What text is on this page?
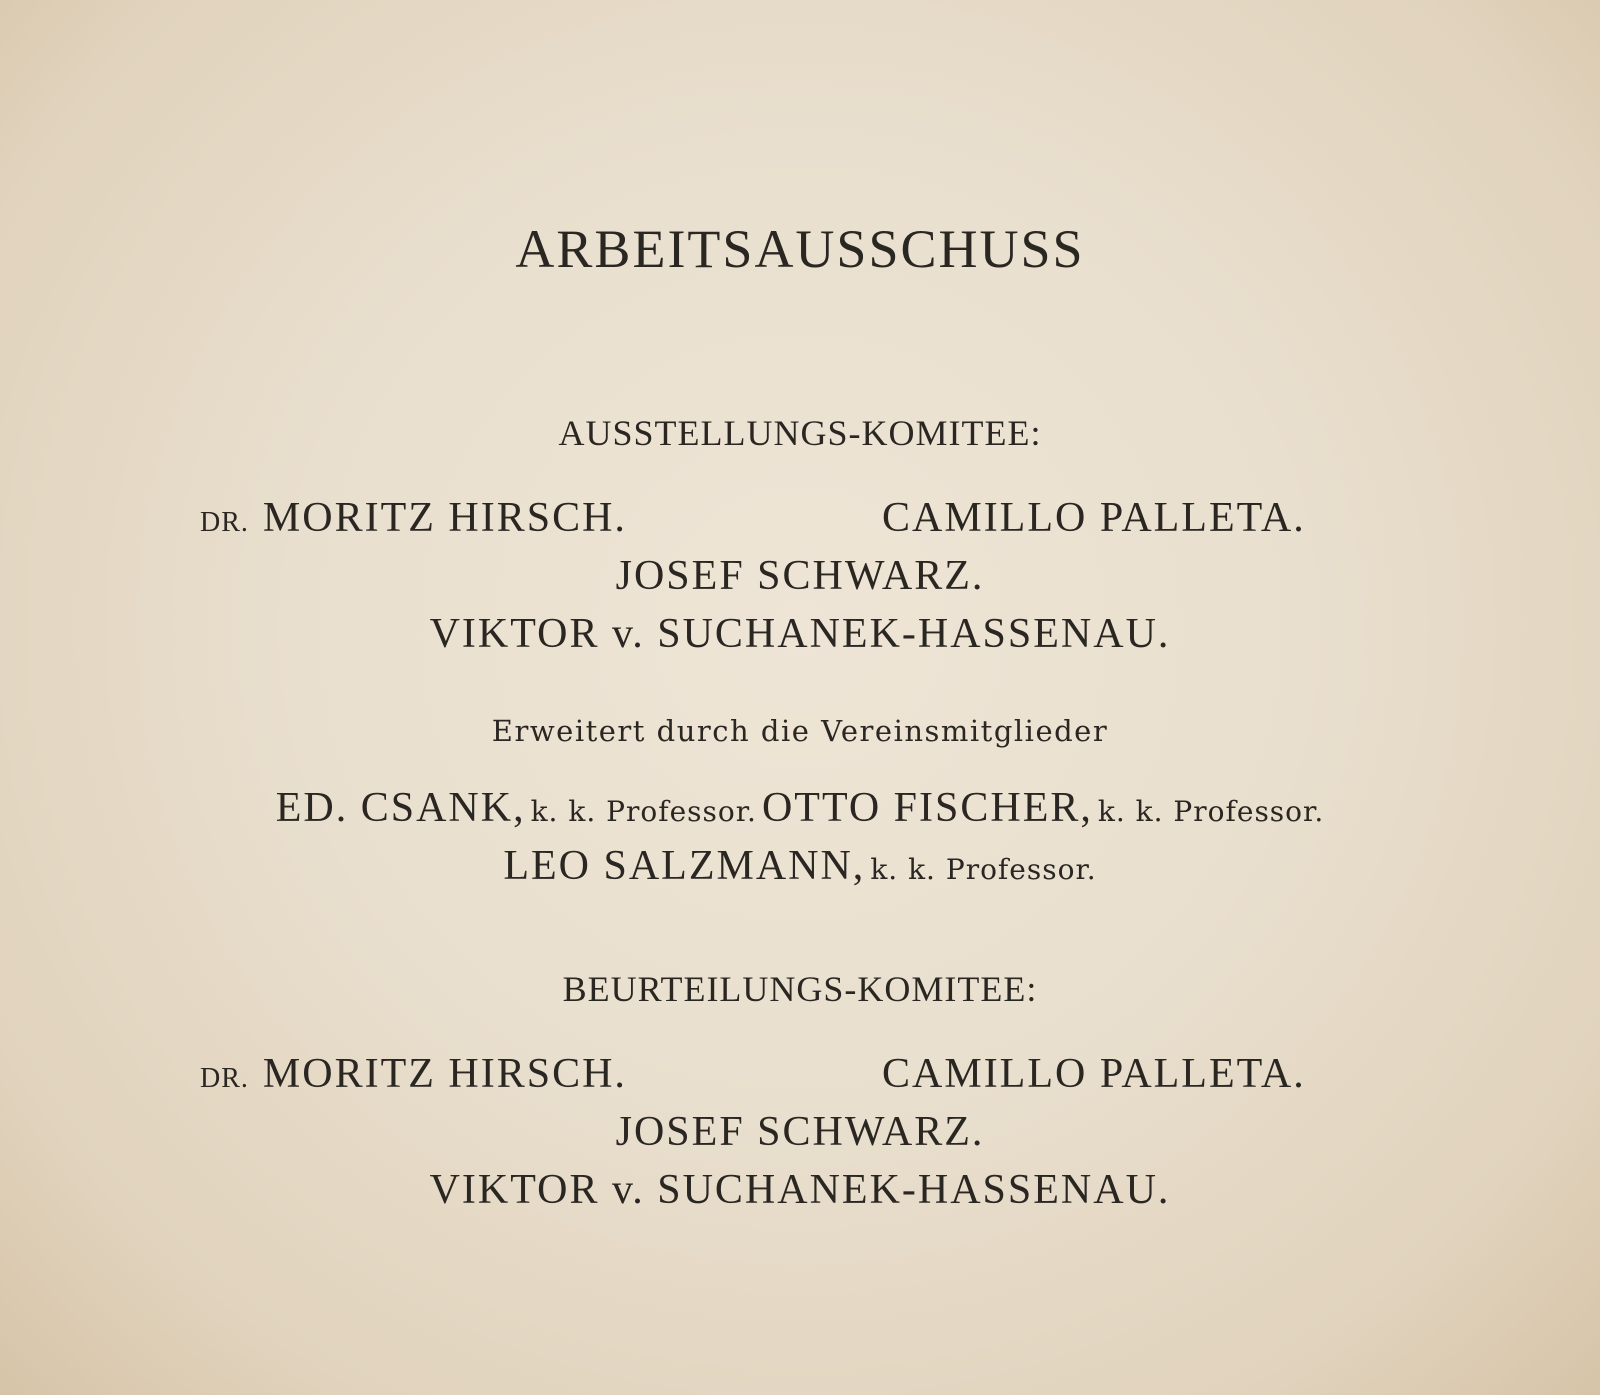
ARBEITSAUSSCHUSS
AUSSTELLUNGS-KOMITEE:
DR. MORITZ HIRSCH.	CAMILLO PALLETA.
JOSEF SCHWARZ.
VIKTOR v. SUCHANEK-HASSENAU.
Erweitert durch die Vereinsmitglieder
ED. CSANK, k. k. Professor. OTTO FISCHER, k. k. Professor.
LEO SALZMANN, k. k. Professor.
BEURTEILUNGS-KOMITEE:
DR. MORITZ HIRSCH.	CAMILLO PALLETA.
JOSEF SCHWARZ.
VIKTOR v. SUCHANEK-HASSENAU.
